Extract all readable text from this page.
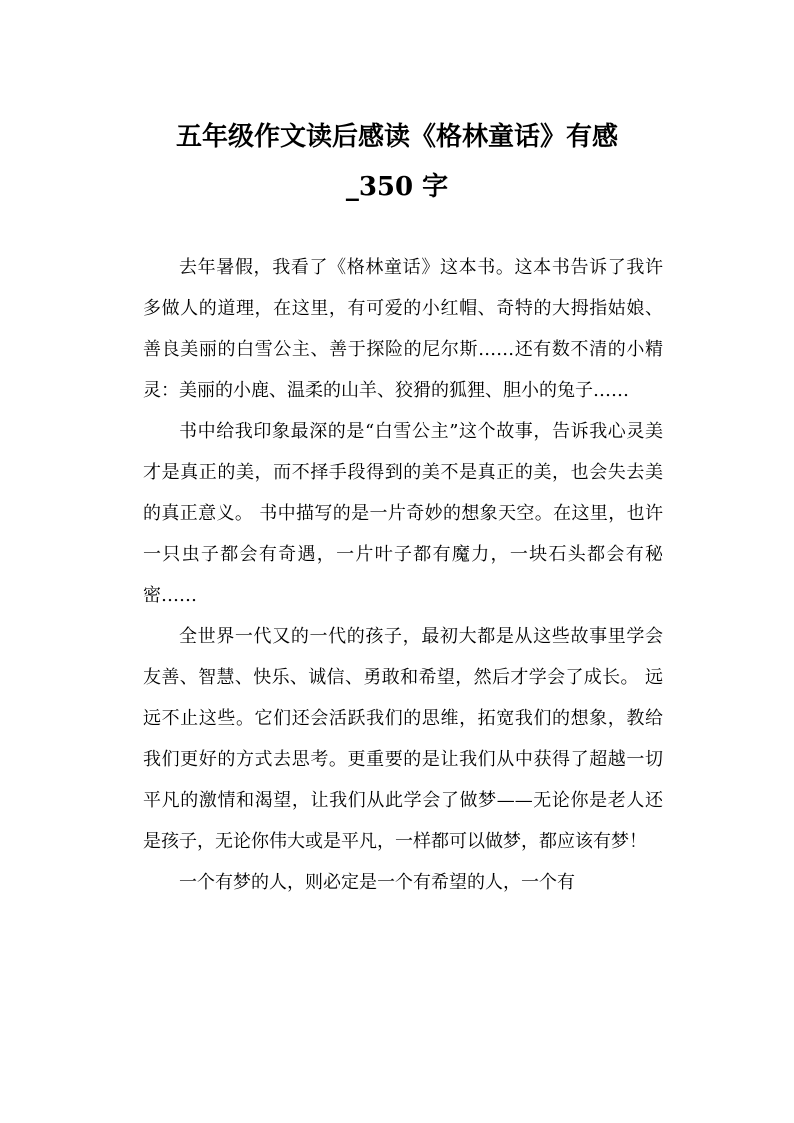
五年级作文读后感读《格林童话》有感
_350 字

去年暑假，我看了《格林童话》这本书。这本书告诉了我许多做人的道理，在这里，有可爱的小红帽、奇特的大拇指姑娘、善良美丽的白雪公主、善于探险的尼尔斯……还有数不清的小精灵：美丽的小鹿、温柔的山羊、狡猾的狐狸、胆小的兔子……

书中给我印象最深的是“白雪公主”这个故事，告诉我心灵美才是真正的美，而不择手段得到的美不是真正的美，也会失去美的真正意义。 书中描写的是一片奇妙的想象天空。在这里，也许一只虫子都会有奇遇，一片叶子都有魔力，一块石头都会有秘密……

全世界一代又的一代的孩子，最初大都是从这些故事里学会友善、智慧、快乐、诚信、勇敢和希望，然后才学会了成长。 远远不止这些。它们还会活跃我们的思维，拓宽我们的想象，教给我们更好的方式去思考。更重要的是让我们从中获得了超越一切平凡的激情和渴望，让我们从此学会了做梦——无论你是老人还是孩子，无论你伟大或是平凡，一样都可以做梦，都应该有梦！

一个有梦的人，则必定是一个有希望的人，一个有
